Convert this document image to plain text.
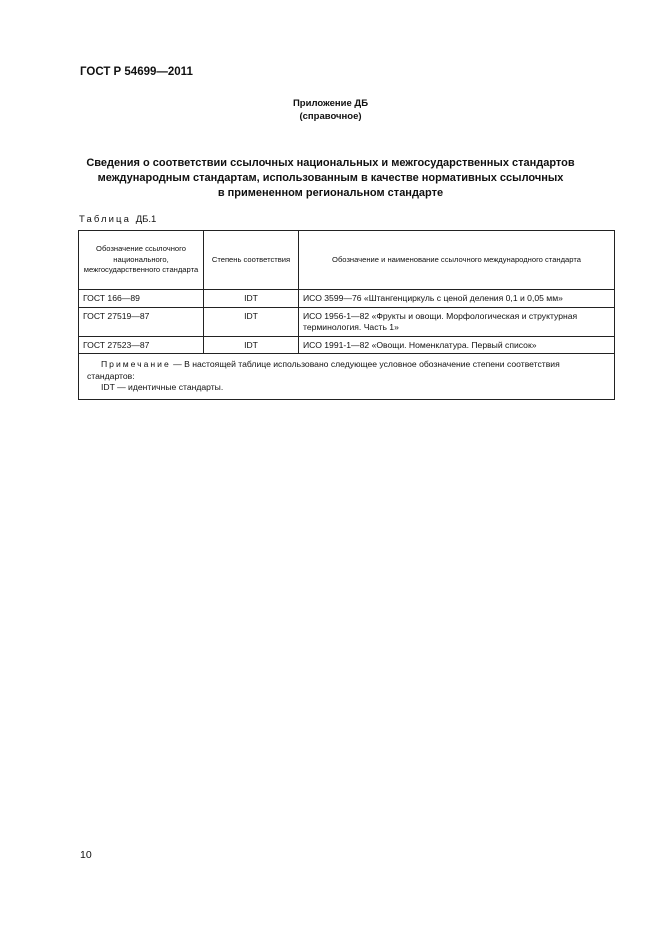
ГОСТ Р 54699—2011
Приложение ДБ
(справочное)
Сведения о соответствии ссылочных национальных и межгосударственных стандартов
международным стандартам, использованным в качестве нормативных ссылочных
в примененном региональном стандарте
Таблица ДБ.1
Обозначение ссылочного национального, межгосударственного стандарта	Степень соответствия	Обозначение и наименование ссылочного международного стандарта
ГОСТ 166—89	IDT	ИСО 3599—76 «Штангенциркуль с ценой деления 0,1 и 0,05 мм»
ГОСТ 27519—87	IDT	ИСО 1956-1—82 «Фрукты и овощи. Морфологическая и структурная терминология. Часть 1»
ГОСТ 27523—87	IDT	ИСО 1991-1—82 «Овощи. Номенклатура. Первый список»

Примечание — В настоящей таблице использовано следующее условное обозначение степени соответствия стандартов:
IDT — идентичные стандарты.		
10
